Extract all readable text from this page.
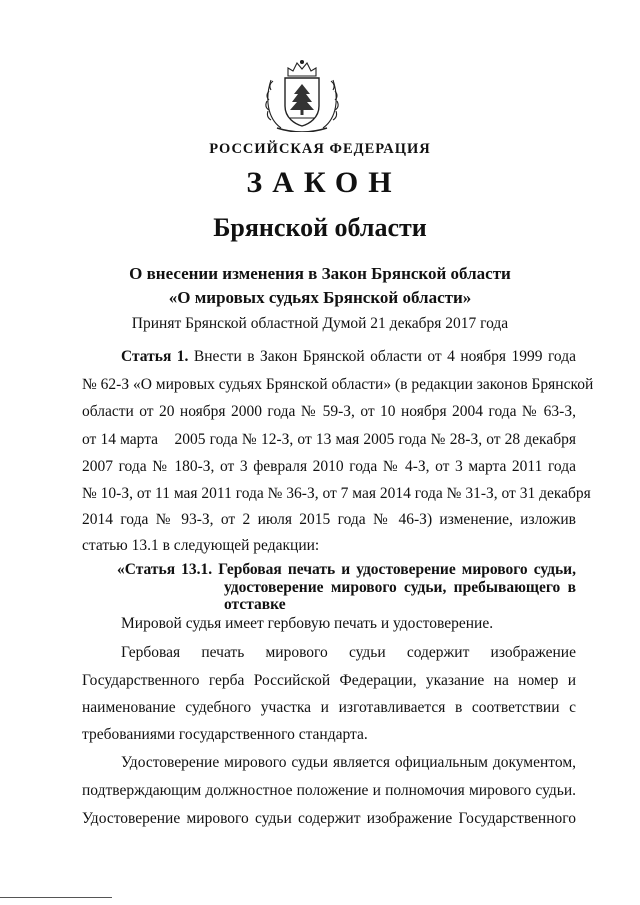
РОССИЙСКАЯ ФЕДЕРАЦИЯ
ЗАКОН
Брянской области
О внесении изменения в Закон Брянской области
«О мировых судьях Брянской области»
Принят Брянской областной Думой 21 декабря 2017 года
Статья 1. Внести в Закон Брянской области от 4 ноября 1999 года
№ 62-З «О мировых судьях Брянской области» (в редакции законов Брянской
области от 20 ноября 2000 года № 59-З, от 10 ноября 2004 года № 63-З,
от 14 марта    2005 года № 12-З, от 13 мая 2005 года № 28-З, от 28 декабря
2007 года № 180-З, от 3 февраля 2010 года № 4-З, от 3 марта 2011 года
№ 10-З, от 11 мая 2011 года № 36-З, от 7 мая 2014 года № 31-З, от 31 декабря
2014 года № 93-З, от 2 июля 2015 года № 46-З) изменение, изложив
статью 13.1 в следующей редакции:
«Статья 13.1. Гербовая печать и удостоверение мирового судьи,
удостоверение мирового судьи, пребывающего в
отставке
Мировой судья имеет гербовую печать и удостоверение.
Гербовая печать мирового судьи содержит изображение
Государственного герба Российской Федерации, указание на номер и
наименование судебного участка и изготавливается в соответствии с
требованиями государственного стандарта.
Удостоверение мирового судьи является официальным документом,
подтверждающим должностное положение и полномочия мирового судьи.
Удостоверение мирового судьи содержит изображение Государственного
